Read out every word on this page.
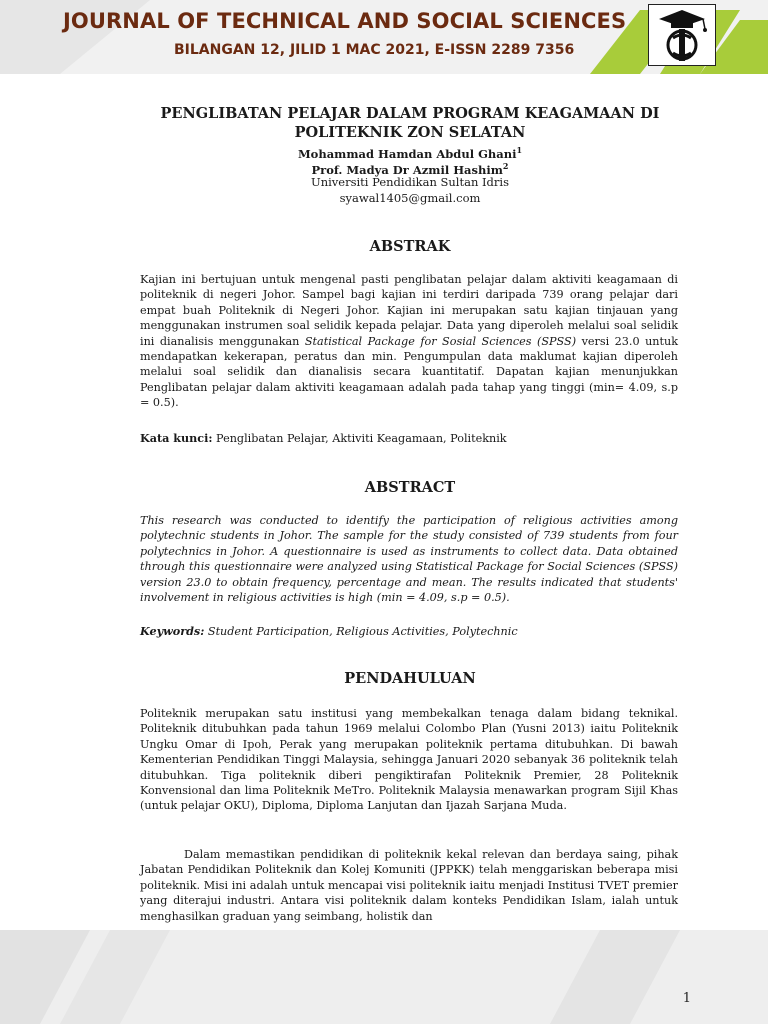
JOURNAL OF TECHNICAL AND SOCIAL SCIENCES
BILANGAN 12, JILID 1 MAC 2021, E-ISSN 2289 7356
PENGLIBATAN PELAJAR DALAM PROGRAM KEAGAMAAN DI
POLITEKNIK ZON SELATAN
Mohammad Hamdan Abdul Ghani$^1$
Prof. Madya Dr Azmil Hashim$^2$
Universiti Pendidikan Sultan Idris
syawal1405@gmail.com
ABSTRAK
Kajian ini bertujuan untuk mengenal pasti penglibatan pelajar dalam aktiviti keagamaan di politeknik di negeri Johor. Sampel bagi kajian ini terdiri daripada 739 orang pelajar dari empat buah Politeknik di Negeri Johor. Kajian ini merupakan satu kajian tinjauan yang menggunakan instrumen soal selidik kepada pelajar. Data yang diperoleh melalui soal selidik ini dianalisis menggunakan Statistical Package for Sosial Sciences (SPSS) versi 23.0 untuk mendapatkan kekerapan, peratus dan min. Pengumpulan data maklumat kajian diperoleh melalui soal selidik dan dianalisis secara kuantitatif. Dapatan kajian menunjukkan Penglibatan pelajar dalam aktiviti keagamaan adalah pada tahap yang tinggi (min= 4.09, s.p = 0.5).
Kata kunci: Penglibatan Pelajar, Aktiviti Keagamaan, Politeknik
ABSTRACT
This research was conducted to identify the participation of religious activities among polytechnic students in Johor. The sample for the study consisted of 739 students from four polytechnics in Johor. A questionnaire is used as instruments to collect data. Data obtained through this questionnaire were analyzed using Statistical Package for Social Sciences (SPSS) version 23.0 to obtain frequency, percentage and mean. The results indicated that students' involvement in religious activities is high (min = 4.09, s.p = 0.5).
Keywords: Student Participation, Religious Activities, Polytechnic
PENDAHULUAN
Politeknik merupakan satu institusi yang membekalkan tenaga dalam bidang teknikal. Politeknik ditubuhkan pada tahun 1969 melalui Colombo Plan (Yusni 2013) iaitu Politeknik Ungku Omar di Ipoh, Perak yang merupakan politeknik pertama ditubuhkan. Di bawah Kementerian Pendidikan Tinggi Malaysia, sehingga Januari 2020 sebanyak 36 politeknik telah ditubuhkan. Tiga politeknik diberi pengiktirafan Politeknik Premier, 28 Politeknik Konvensional dan lima Politeknik MeTro. Politeknik Malaysia menawarkan program Sijil Khas (untuk pelajar OKU), Diploma, Diploma Lanjutan dan Ijazah Sarjana Muda.
Dalam memastikan pendidikan di politeknik kekal relevan dan berdaya saing, pihak Jabatan Pendidikan Politeknik dan Kolej Komuniti (JPPKK) telah menggariskan beberapa misi politeknik. Misi ini adalah untuk mencapai visi politeknik iaitu menjadi Institusi TVET premier yang diterajui industri. Antara visi politeknik dalam konteks Pendidikan Islam, ialah untuk menghasilkan graduan yang seimbang, holistik dan
1
